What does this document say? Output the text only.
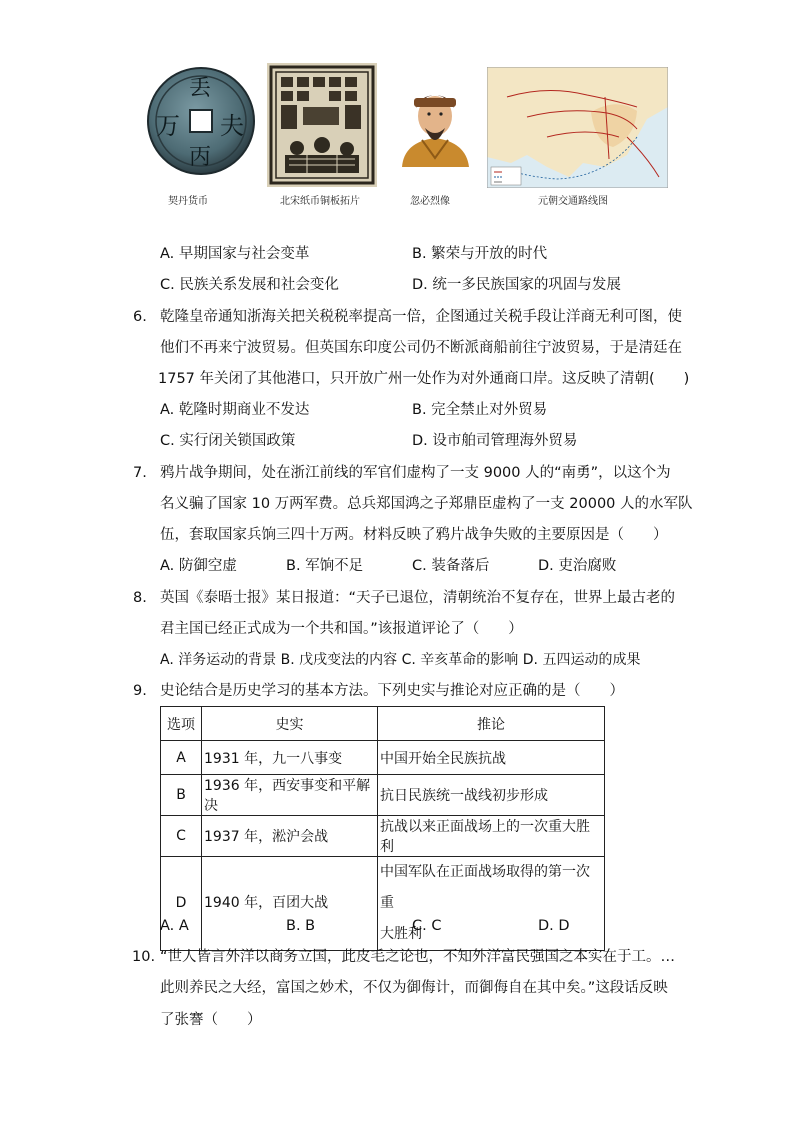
丢
夫
丙
万
契丹货币	北宋纸币铜板拓片	忽必烈像	元朝交通路线图
A. 早期国家与社会变革	B. 繁荣与开放的时代
C. 民族关系发展和社会变化	D. 统一多民族国家的巩固与发展
6. 乾隆皇帝通知浙海关把关税税率提高一倍，企图通过关税手段让洋商无利可图，使
他们不再来宁波贸易。但英国东印度公司仍不断派商船前往宁波贸易，于是清廷在
1757 年关闭了其他港口，只开放广州一处作为对外通商口岸。这反映了清朝(　　)
A. 乾隆时期商业不发达	B. 完全禁止对外贸易
C. 实行闭关锁国政策	D. 设市舶司管理海外贸易
7. 鸦片战争期间，处在浙江前线的军官们虚构了一支 9000 人的“南勇”，以这个为
名义骗了国家 10 万两军费。总兵郑国鸿之子郑鼎臣虚构了一支 20000 人的水军队
伍，套取国家兵饷三四十万两。材料反映了鸦片战争失败的主要原因是（　　）
A. 防御空虚	B. 军饷不足	C. 装备落后	D. 吏治腐败
8. 英国《泰晤士报》某日报道：“天子已退位，清朝统治不复存在，世界上最古老的
君主国已经正式成为一个共和国。”该报道评论了（　　）
A. 洋务运动的背景 B. 戊戌变法的内容 C. 辛亥革命的影响 D. 五四运动的成果
9. 史论结合是历史学习的基本方法。下列史实与推论对应正确的是（　　）
选项	史实	推论
A	1931 年，九一八事变	中国开始全民族抗战
B	1936 年，西安事变和平解决	抗日民族统一战线初步形成
C	1937 年，淞沪会战	抗战以来正面战场上的一次重大胜利
D	1940 年，百团大战	中国军队在正面战场取得的第一次重
大胜利
A. A	B. B	C. C	D. D
10. “世人皆言外洋以商务立国，此皮毛之论也，不知外洋富民强国之本实在于工。…
此则养民之大经，富国之妙术，不仅为御侮计，而御侮自在其中矣。”这段话反映
了张謇（　　）
